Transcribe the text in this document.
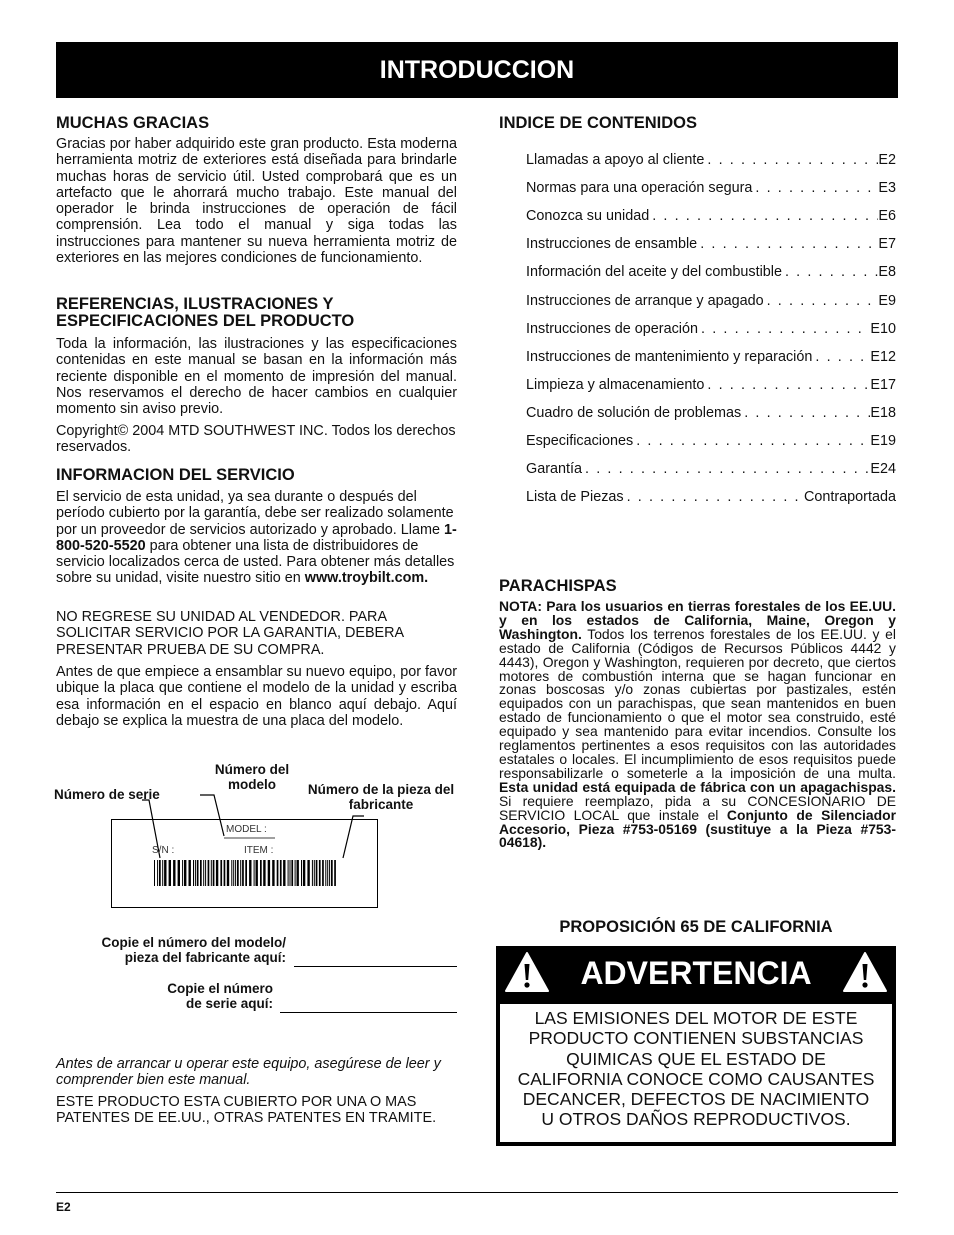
INTRODUCCION
MUCHAS GRACIAS

Gracias por haber adquirido este gran producto. Esta moderna herramienta motriz de exteriores está diseñada para brindarle muchas horas de servicio útil. Usted comprobará que es un artefacto que le ahorrará mucho trabajo. Este manual del operador le brinda instrucciones de operación de fácil comprensión. Lea todo el manual y siga todas las instrucciones para mantener su nueva herramienta motriz de exteriores en las mejores condiciones de funcionamiento.

REFERENCIAS, ILUSTRACIONES Y ESPECIFICACIONES DEL PRODUCTO

Toda la información, las ilustraciones y las especificaciones contenidas en este manual se basan en la información más reciente disponible en el momento de impresión del manual. Nos reservamos el derecho de hacer cambios en cualquier momento sin aviso previo.

Copyright© 2004 MTD SOUTHWEST INC. Todos los derechos reservados.

INFORMACION DEL SERVICIO

El servicio de esta unidad, ya sea durante o después del período cubierto por la garantía, debe ser realizado solamente por un proveedor de servicios autorizado y aprobado. Llame 1-800-520-5520 para obtener una lista de distribuidores de servicio localizados cerca de usted. Para obtener más detalles sobre su unidad, visite nuestro sitio en www.troybilt.com.

NO REGRESE SU UNIDAD AL VENDEDOR. PARA SOLICITAR SERVICIO POR LA GARANTIA, DEBERA PRESENTAR PRUEBA DE SU COMPRA.

Antes de que empiece a ensamblar su nuevo equipo, por favor ubique la placa que contiene el modelo de la unidad y escriba esa información en el espacio en blanco aquí debajo. Aquí debajo se explica la muestra de una placa del modelo.

Número de serie
Número del modelo	Número de la pieza del fabricante
MODEL :
S/N :	ITEM :
Copie el número del modelo/
pieza del fabricante aquí:
Copie el número
de serie aquí:

Antes de arrancar u operar este equipo, asegúrese de leer y comprender bien este manual.

ESTE PRODUCTO ESTA CUBIERTO POR UNA O MAS PATENTES DE EE.UU., OTRAS PATENTES EN TRAMITE.

INDICE DE CONTENIDOS
Llamadas a apoyo al cliente . . .	E2
Normas para una operación segura . . .	E3
Conozca su unidad . . .	E6
Instrucciones de ensamble . . .	E7
Información del aceite y del combustible . . .	E8
Instrucciones de arranque y apagado . . .	E9
Instrucciones de operación . . .	E10
Instrucciones de mantenimiento y reparación . . .	E12
Limpieza y almacenamiento . . .	E17
Cuadro de solución de problemas . . .	E18
Especificaciones . . .	E19
Garantía . . .	E24
Lista de Piezas . . .	Contraportada
PARACHISPAS

NOTA: Para los usuarios en tierras forestales de los EE.UU. y en los estados de California, Maine, Oregon y Washington. Todos los terrenos forestales de los EE.UU. y el estado de California (Códigos de Recursos Públicos 4442 y 4443), Oregon y Washington, requieren por decreto, que ciertos motores de combustión interna que se hagan funcionar en zonas boscosas y/o zonas cubiertas por pastizales, estén equipados con un parachispas, que sean mantenidos en buen estado de funcionamiento o que el motor sea construido, esté equipado y sea mantenido para evitar incendios. Consulte los reglamentos pertinentes a esos requisitos con las autoridades estatales o locales. El incumplimiento de esos requisitos puede responsabilizarle o someterle a la imposición de una multa. Esta unidad está equipada de fábrica con un apagachispas. Si requiere reemplazo, pida a su CONCESIONARIO DE SERVICIO LOCAL que instale el Conjunto de Silenciador Accesorio, Pieza #753-05169 (sustituye a la Pieza #753-04618).

PROPOSICIÓN 65 DE CALIFORNIA
ADVERTENCIA
LAS EMISIONES DEL MOTOR DE ESTE
PRODUCTO CONTIENEN SUBSTANCIAS
QUIMICAS QUE EL ESTADO DE
CALIFORNIA CONOCE COMO CAUSANTES
DECANCER, DEFECTOS DE NACIMIENTO
U OTROS DAÑOS REPRODUCTIVOS.
E2
